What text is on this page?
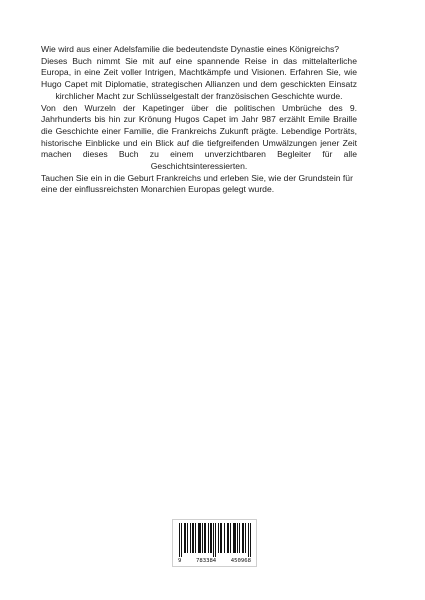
Wie wird aus einer Adelsfamilie die bedeutendste Dynastie eines Königreichs?

Dieses Buch nimmt Sie mit auf eine spannende Reise in das mittelalterliche Europa, in eine Zeit voller Intrigen, Machtkämpfe und Visionen. Erfahren Sie, wie Hugo Capet mit Diplomatie, strategischen Allianzen und dem geschickten Einsatz kirchlicher Macht zur Schlüsselgestalt der französischen Geschichte wurde.

Von den Wurzeln der Kapetinger über die politischen Umbrüche des 9. Jahrhunderts bis hin zur Krönung Hugos Capet im Jahr 987 erzählt Emile Braille die Geschichte einer Familie, die Frankreichs Zukunft prägte. Lebendige Porträts, historische Einblicke und ein Blick auf die tiefgreifenden Umwälzungen jener Zeit machen dieses Buch zu einem unverzichtbaren Begleiter für alle Geschichtsinteressierten.

Tauchen Sie ein in die Geburt Frankreichs und erleben Sie, wie der Grundstein für eine der einflussreichsten Monarchien Europas gelegt wurde.

9	783384	450968
